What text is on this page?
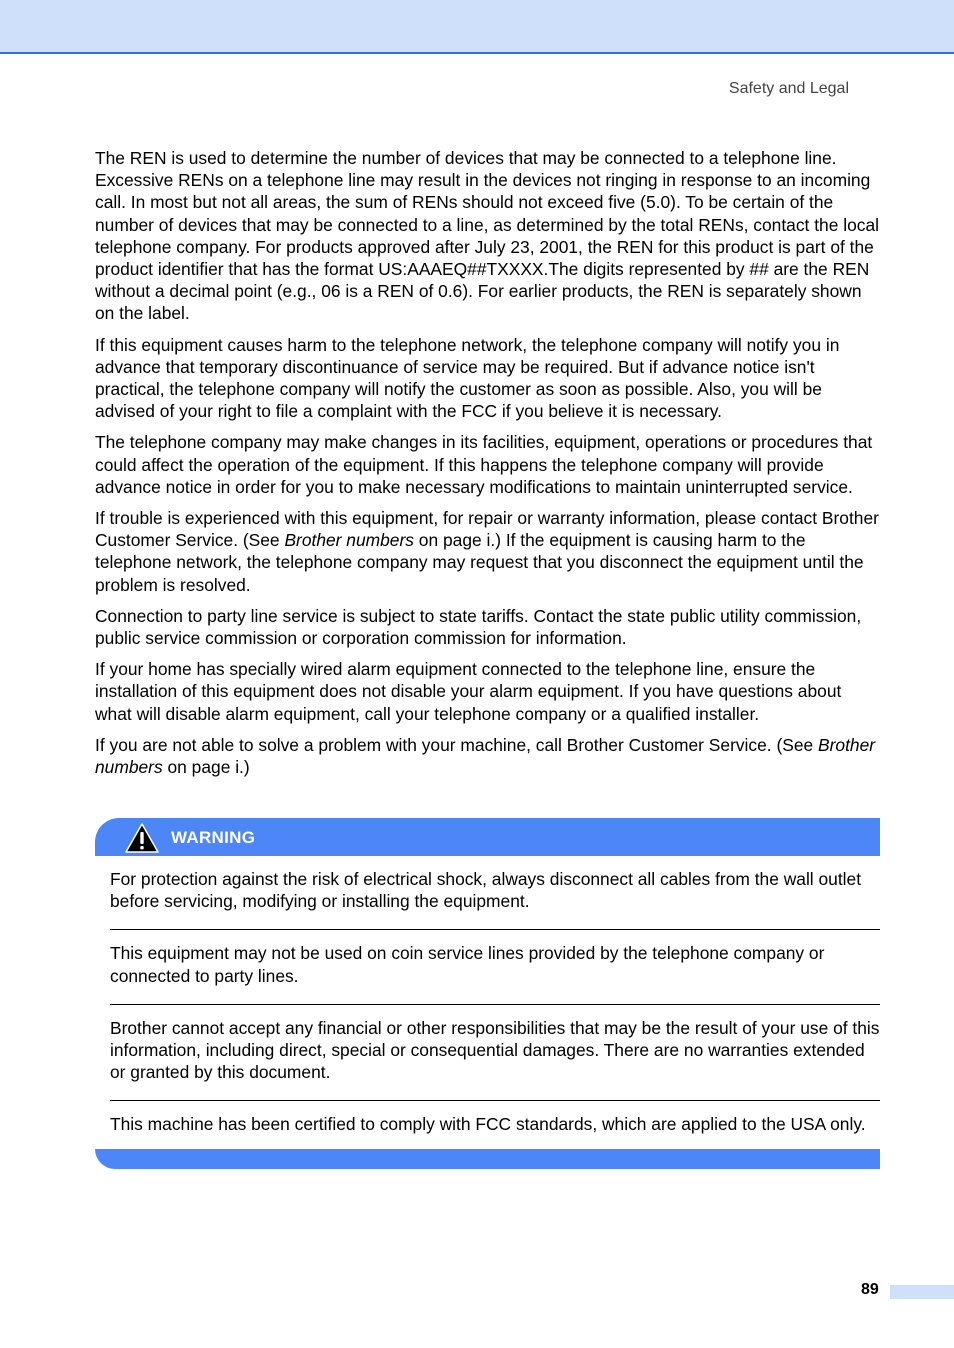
Safety and Legal

The REN is used to determine the number of devices that may be connected to a telephone line. Excessive RENs on a telephone line may result in the devices not ringing in response to an incoming call. In most but not all areas, the sum of RENs should not exceed five (5.0). To be certain of the number of devices that may be connected to a line, as determined by the total RENs, contact the local telephone company. For products approved after July 23, 2001, the REN for this product is part of the product identifier that has the format US:AAAEQ##TXXXX.The digits represented by ## are the REN without a decimal point (e.g., 06 is a REN of 0.6). For earlier products, the REN is separately shown on the label.

If this equipment causes harm to the telephone network, the telephone company will notify you in advance that temporary discontinuance of service may be required. But if advance notice isn't practical, the telephone company will notify the customer as soon as possible. Also, you will be advised of your right to file a complaint with the FCC if you believe it is necessary.

The telephone company may make changes in its facilities, equipment, operations or procedures that could affect the operation of the equipment. If this happens the telephone company will provide advance notice in order for you to make necessary modifications to maintain uninterrupted service.

If trouble is experienced with this equipment, for repair or warranty information, please contact Brother Customer Service. (See Brother numbers on page i.) If the equipment is causing harm to the telephone network, the telephone company may request that you disconnect the equipment until the problem is resolved.

Connection to party line service is subject to state tariffs. Contact the state public utility commission, public service commission or corporation commission for information.

If your home has specially wired alarm equipment connected to the telephone line, ensure the installation of this equipment does not disable your alarm equipment. If you have questions about what will disable alarm equipment, call your telephone company or a qualified installer.

If you are not able to solve a problem with your machine, call Brother Customer Service. (See Brother numbers on page i.)

WARNING
For protection against the risk of electrical shock, always disconnect all cables from the wall outlet before servicing, modifying or installing the equipment.
This equipment may not be used on coin service lines provided by the telephone company or connected to party lines.
Brother cannot accept any financial or other responsibilities that may be the result of your use of this information, including direct, special or consequential damages. There are no warranties extended or granted by this document.
This machine has been certified to comply with FCC standards, which are applied to the USA only.
89
